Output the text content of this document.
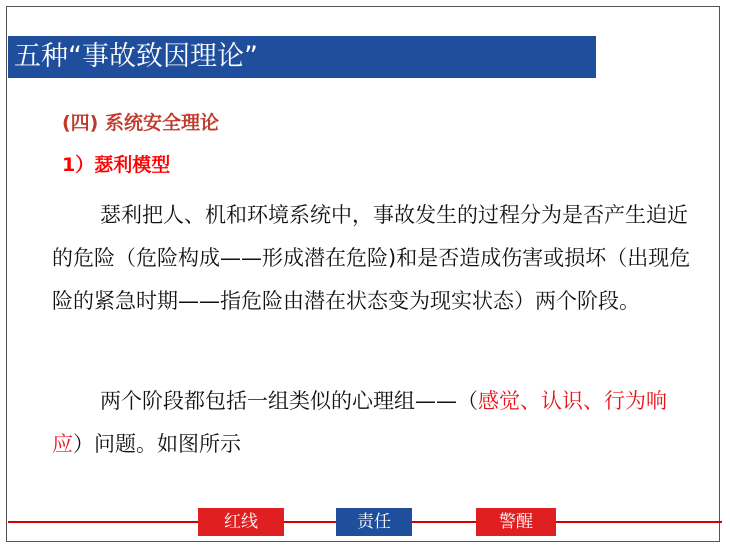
五种“事故致因理论”
(四) 系统安全理论
1）瑟利模型

瑟利把人、机和环境系统中，事故发生的过程分为是否产生迫近的危险（危险构成——形成潜在危险)和是否造成伤害或损坏（出现危险的紧急时期——指危险由潜在状态变为现实状态）两个阶段。

两个阶段都包括一组类似的心理组——（感觉、认识、行为响应）问题。如图所示

红线	责任	警醒
